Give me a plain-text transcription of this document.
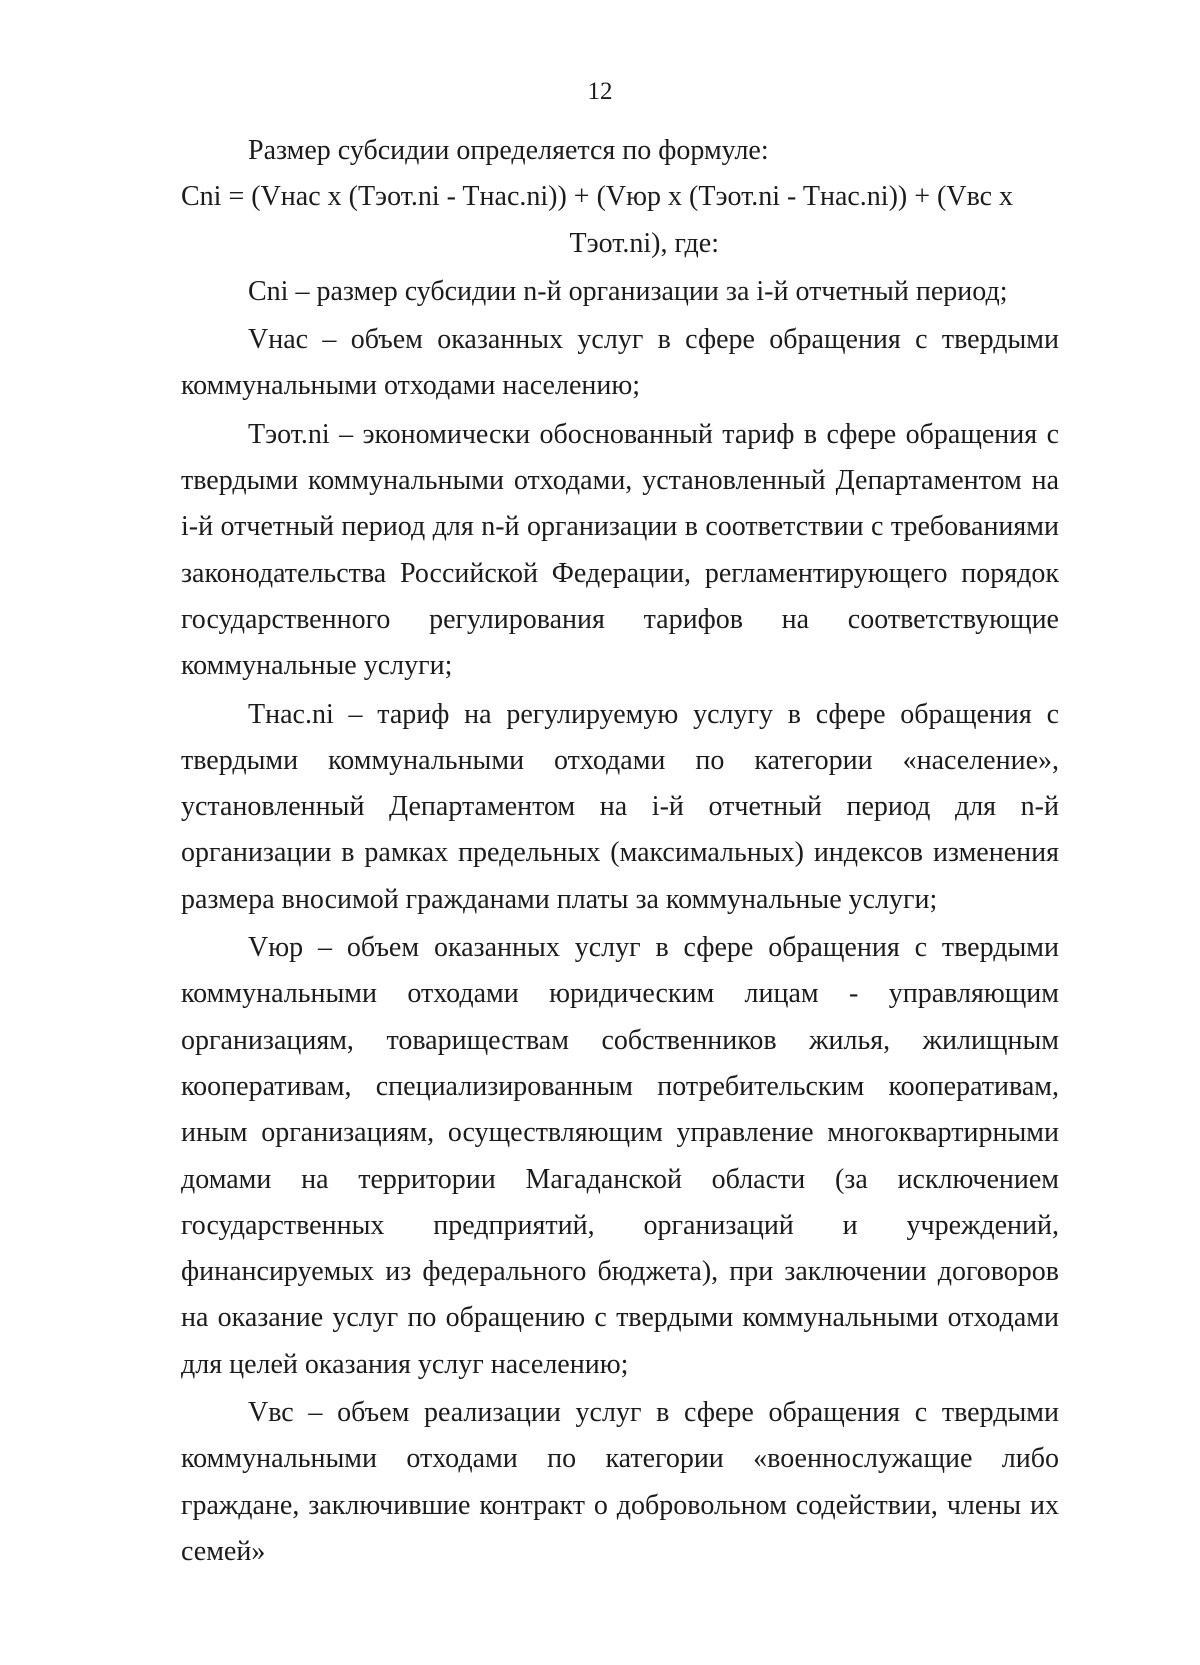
12

Размер субсидии определяется по формуле:

Cni = (Vнас x (Tэот.ni - Tнас.ni)) + (Vюр x (Tэот.ni - Tнас.ni)) + (Vвс x

Tэот.ni), где:

Cni – размер субсидии n-й организации за i-й отчетный период;

Vнас – объем оказанных услуг в сфере обращения с твердыми коммунальными отходами населению;

Tэот.ni – экономически обоснованный тариф в сфере обращения с твердыми коммунальными отходами, установленный Департаментом на i-й отчетный период для n-й организации в соответствии с требованиями законодательства Российской Федерации, регламентирующего порядок государственного регулирования тарифов на соответствующие коммунальные услуги;

Tнас.ni – тариф на регулируемую услугу в сфере обращения с твердыми коммунальными отходами по категории «население», установленный Департаментом на i-й отчетный период для n-й организации в рамках предельных (максимальных) индексов изменения размера вносимой гражданами платы за коммунальные услуги;

Vюр – объем оказанных услуг в сфере обращения с твердыми коммунальными отходами юридическим лицам - управляющим организациям, товариществам собственников жилья, жилищным кооперативам, специализированным потребительским кооперативам, иным организациям, осуществляющим управление многоквартирными домами на территории Магаданской области (за исключением государственных предприятий, организаций и учреждений, финансируемых из федерального бюджета), при заключении договоров на оказание услуг по обращению с твердыми коммунальными отходами для целей оказания услуг населению;

Vвс – объем реализации услуг в сфере обращения с твердыми коммунальными отходами по категории «военнослужащие либо граждане, заключившие контракт о добровольном содействии, члены их семей»
